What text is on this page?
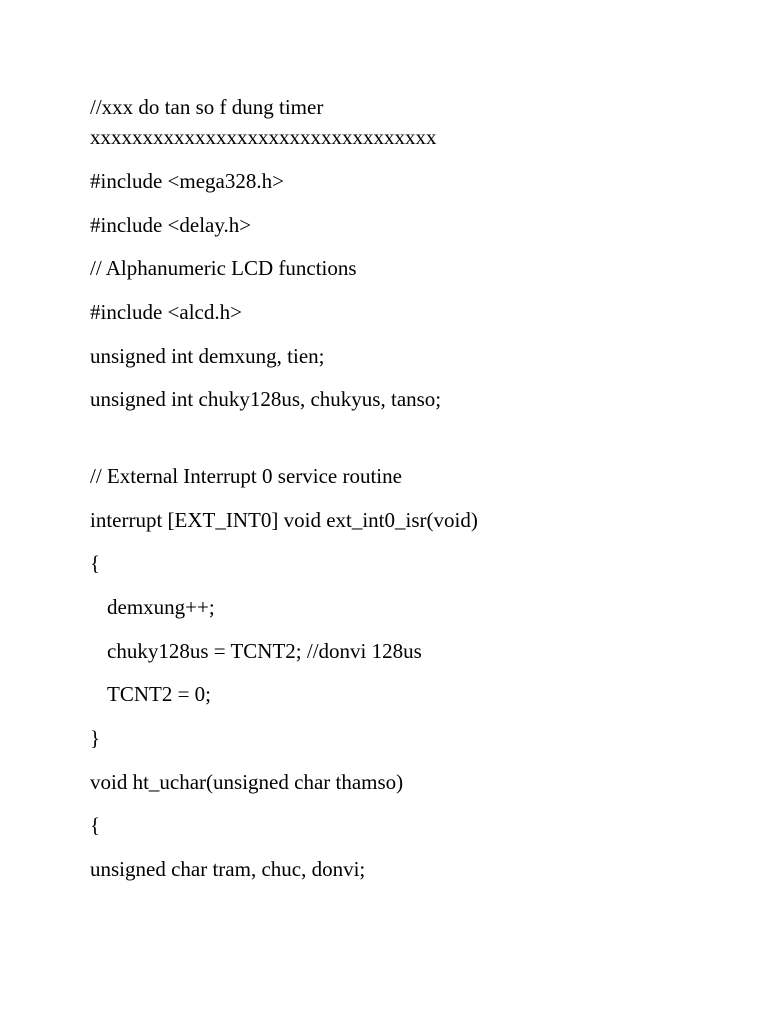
//xxx do tan so f dung timer

xxxxxxxxxxxxxxxxxxxxxxxxxxxxxxxxx

#include <mega328.h>

#include <delay.h>

// Alphanumeric LCD functions

#include <alcd.h>

unsigned int demxung, tien;

unsigned int chuky128us, chukyus, tanso;

// External Interrupt 0 service routine

interrupt [EXT_INT0] void ext_int0_isr(void)

{

demxung++;

chuky128us = TCNT2; //donvi 128us

TCNT2 = 0;

}

void ht_uchar(unsigned char thamso)

{

unsigned char tram, chuc, donvi;
